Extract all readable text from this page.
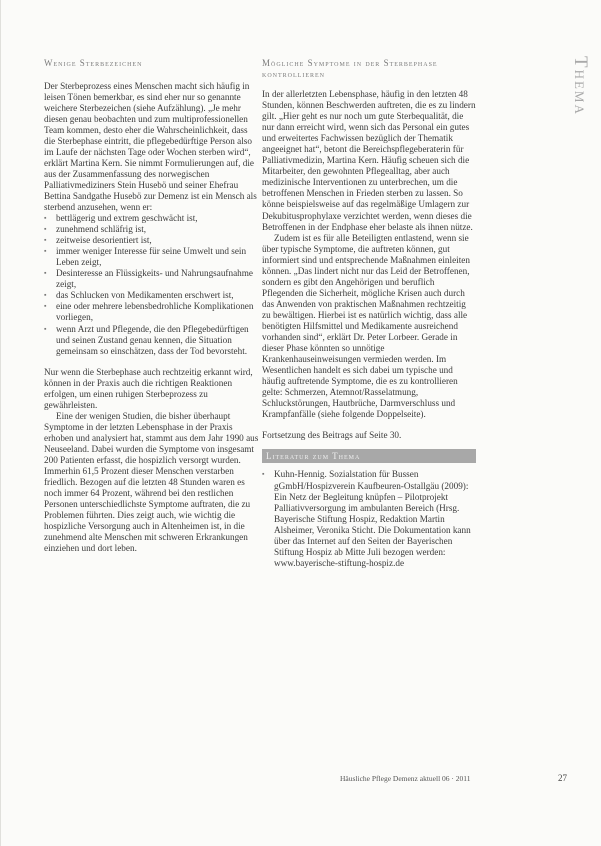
Thema
Wenige Sterbezeichen

Der Sterbeprozess eines Menschen macht sich häufig in leisen Tönen bemerkbar, es sind eher nur so genannte weichere Sterbezeichen (siehe Aufzählung). „Je mehr diesen genau beobachten und zum multiprofessionellen Team kommen, desto eher die Wahrscheinlichkeit, dass die Sterbephase eintritt, die pflegebedürftige Person also im Laufe der nächsten Tage oder Wochen sterben wird“, erklärt Martina Kern. Sie nimmt Formulierungen auf, die aus der Zusammenfassung des norwegischen Palliativmediziners Stein Husebö und seiner Ehefrau Bettina Sandgathe Husebö zur Demenz ist ein Mensch als sterbend anzusehen, wenn er:

▪ bettlägerig und extrem geschwächt ist,
▪ zunehmend schläfrig ist,
▪ zeitweise desorientiert ist,
▪ immer weniger Interesse für seine Umwelt und sein Leben zeigt,
▪ Desinteresse an Flüssigkeits- und Nahrungsaufnahme zeigt,
▪ das Schlucken von Medikamenten erschwert ist,
▪ eine oder mehrere lebensbedrohliche Komplikationen vorliegen,
▪ wenn Arzt und Pflegende, die den Pflegebedürftigen und seinen Zustand genau kennen, die Situation gemeinsam so einschätzen, dass der Tod bevorsteht.

Nur wenn die Sterbephase auch rechtzeitig erkannt wird, können in der Praxis auch die richtigen Reaktionen erfolgen, um einen ruhigen Sterbeprozess zu gewährleisten.

Eine der wenigen Studien, die bisher überhaupt Symptome in der letzten Lebensphase in der Praxis erhoben und analysiert hat, stammt aus dem Jahr 1990 aus Neuseeland. Dabei wurden die Symptome von insgesamt 200 Patienten erfasst, die hospizlich versorgt wurden. Immerhin 61,5 Prozent dieser Menschen verstarben friedlich. Bezogen auf die letzten 48 Stunden waren es noch immer 64 Prozent, während bei den restlichen Personen unterschiedlichste Symptome auftraten, die zu Problemen führten. Dies zeigt auch, wie wichtig die hospizliche Versorgung auch in Altenheimen ist, in die zunehmend alte Menschen mit schweren Erkrankungen einziehen und dort leben.

Mögliche Symptome in der Sterbephase kontrollieren

In der allerletzten Lebensphase, häufig in den letzten 48 Stunden, können Beschwerden auftreten, die es zu lindern gilt. „Hier geht es nur noch um gute Sterbequalität, die nur dann erreicht wird, wenn sich das Personal ein gutes und erweitertes Fachwissen bezüglich der Thematik angeeignet hat“, betont die Bereichspflegeberaterin für Palliativmedizin, Martina Kern. Häufig scheuen sich die Mitarbeiter, den gewohnten Pflegealltag, aber auch medizinische Interventionen zu unterbrechen, um die betroffenen Menschen in Frieden sterben zu lassen. So könne beispielsweise auf das regelmäßige Umlagern zur Dekubitusprophylaxe verzichtet werden, wenn dieses die Betroffenen in der Endphase eher belaste als ihnen nütze.

Zudem ist es für alle Beteiligten entlastend, wenn sie über typische Symptome, die auftreten können, gut informiert sind und entsprechende Maßnahmen einleiten können. „Das lindert nicht nur das Leid der Betroffenen, sondern es gibt den Angehörigen und beruflich Pflegenden die Sicherheit, mögliche Krisen auch durch das Anwenden von praktischen Maßnahmen rechtzeitig zu bewältigen. Hierbei ist es natürlich wichtig, dass alle benötigten Hilfsmittel und Medikamente ausreichend vorhanden sind“, erklärt Dr. Peter Lorbeer. Gerade in dieser Phase könnten so unnötige Krankenhauseinweisungen vermieden werden. Im Wesentlichen handelt es sich dabei um typische und häufig auftretende Symptome, die es zu kontrollieren gelte: Schmerzen, Atemnot/Rasselatmung, Schluckstörungen, Hautbrüche, Darmverschluss und Krampfanfälle (siehe folgende Doppelseite).

Fortsetzung des Beitrags auf Seite 30.

Literatur zum Thema
▪ Kuhn-Hennig. Sozialstation für Bussen gGmbH/Hospizverein Kaufbeuren-Ostallgäu (2009): Ein Netz der Begleitung knüpfen – Pilotprojekt Palliativversorgung im ambulanten Bereich (Hrsg. Bayerische Stiftung Hospiz, Redaktion Martin Alsheimer, Veronika Sticht. Die Dokumentation kann über das Internet auf den Seiten der Bayerischen Stiftung Hospiz ab Mitte Juli bezogen werden: www.bayerische-stiftung-hospiz.de
Häusliche Pflege Demenz aktuell 06 · 2011	27
